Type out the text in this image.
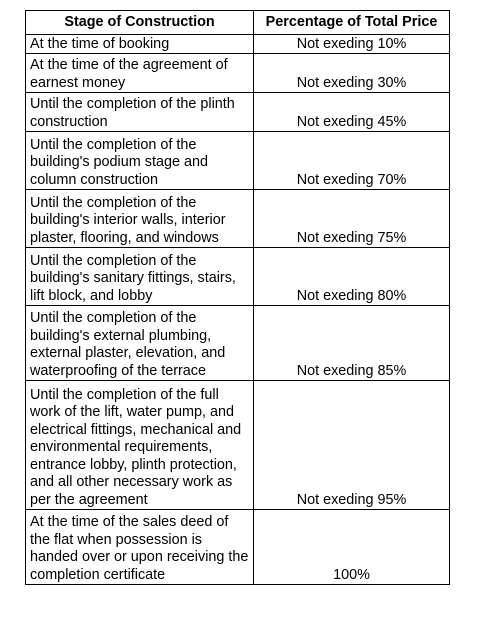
Stage of Construction	Percentage of Total Price
At the time of booking	Not exeding 10%
At the time of the agreement of earnest money	Not exeding 30%
Until the completion of the plinth construction	Not exeding 45%
Until the completion of the building's podium stage and column construction	Not exeding 70%
Until the completion of the building's interior walls, interior plaster, flooring, and windows	Not exeding 75%
Until the completion of the building's sanitary fittings, stairs, lift block, and lobby	Not exeding 80%
Until the completion of the building's external plumbing, external plaster, elevation, and waterproofing of the terrace	Not exeding 85%
Until the completion of the full work of the lift, water pump, and electrical fittings, mechanical and environmental requirements, entrance lobby, plinth protection, and all other necessary work as per the agreement	Not exeding 95%
At the time of the sales deed of the flat when possession is handed over or upon receiving the completion certificate	100%
